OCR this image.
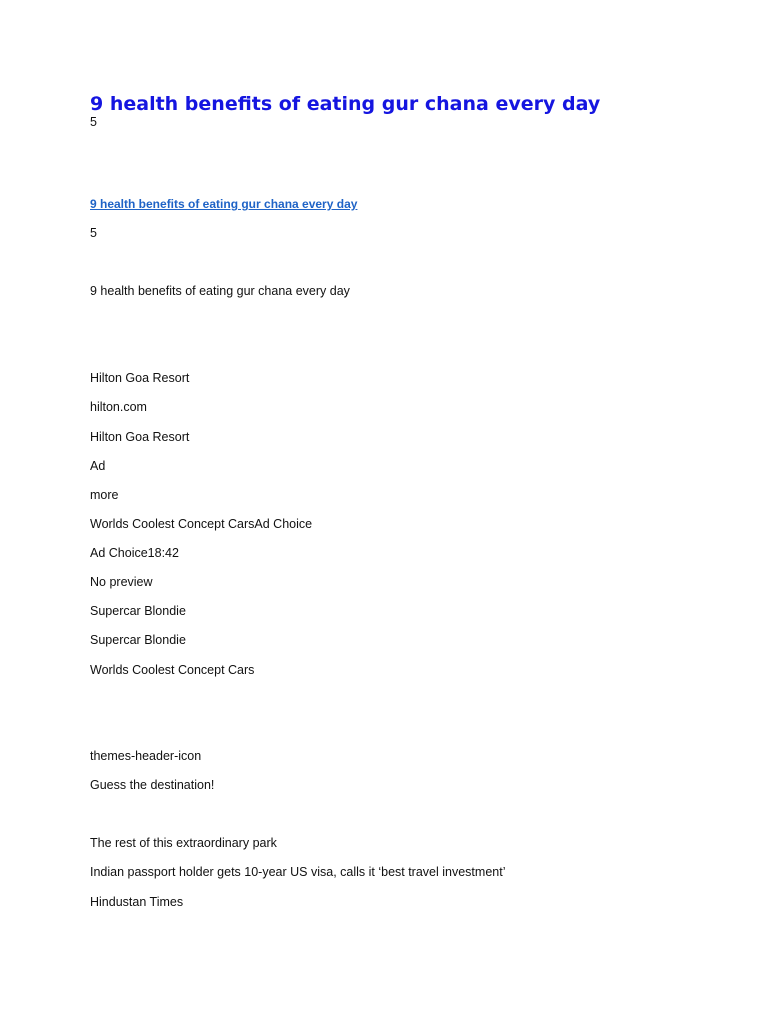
9 health benefits of eating gur chana every day
5
9 health benefits of eating gur chana every day
5
9 health benefits of eating gur chana every day
Hilton Goa Resort
hilton.com
Hilton Goa Resort
Ad
more
Worlds Coolest Concept CarsAd Choice
Ad Choice18:42
No preview
Supercar Blondie
Supercar Blondie
Worlds Coolest Concept Cars
themes-header-icon
Guess the destination!
The rest of this extraordinary park
Indian passport holder gets 10-year US visa, calls it ‘best travel investment’
Hindustan Times
